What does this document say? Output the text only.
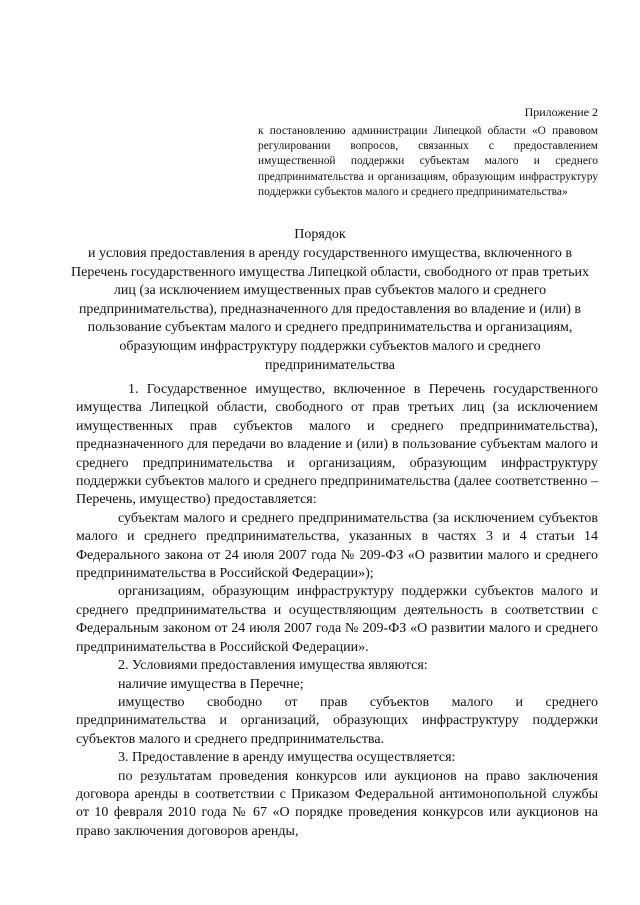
Приложение 2
к постановлению администрации Липецкой области «О правовом регулировании вопросов, связанных с предоставлением имущественной поддержки субъектам малого и среднего предпринимательства и организациям, образующим инфраструктуру поддержки субъектов малого и среднего предпринимательства»
Порядок
и условия предоставления в аренду государственного имущества, включенного в Перечень государственного имущества Липецкой области, свободного от прав третьих лиц (за исключением имущественных прав субъектов малого и среднего предпринимательства), предназначенного для предоставления во владение и (или) в пользование субъектам малого и среднего предпринимательства и организациям, образующим инфраструктуру поддержки субъектов малого и среднего предпринимательства

1. Государственное имущество, включенное в Перечень государственного имущества Липецкой области, свободного от прав третьих лиц (за исключением имущественных прав субъектов малого и среднего предпринимательства), предназначенного для передачи во владение и (или) в пользование субъектам малого и среднего предпринимательства и организациям, образующим инфраструктуру поддержки субъектов малого и среднего предпринимательства (далее соответственно – Перечень, имущество) предоставляется:

субъектам малого и среднего предпринимательства (за исключением субъектов малого и среднего предпринимательства, указанных в частях 3 и 4 статьи 14 Федерального закона от 24 июля 2007 года № 209-ФЗ «О развитии малого и среднего предпринимательства в Российской Федерации»);

организациям, образующим инфраструктуру поддержки субъектов малого и среднего предпринимательства и осуществляющим деятельность в соответствии с Федеральным законом от 24 июля 2007 года № 209-ФЗ «О развитии малого и среднего предпринимательства в Российской Федерации».

2. Условиями предоставления имущества являются:

наличие имущества в Перечне;

имущество свободно от прав субъектов малого и среднего предпринимательства и организаций, образующих инфраструктуру поддержки субъектов малого и среднего предпринимательства.

3. Предоставление в аренду имущества осуществляется:

по результатам проведения конкурсов или аукционов на право заключения договора аренды в соответствии с Приказом Федеральной антимонопольной службы от 10 февраля 2010 года № 67 «О порядке проведения конкурсов или аукционов на право заключения договоров аренды,
